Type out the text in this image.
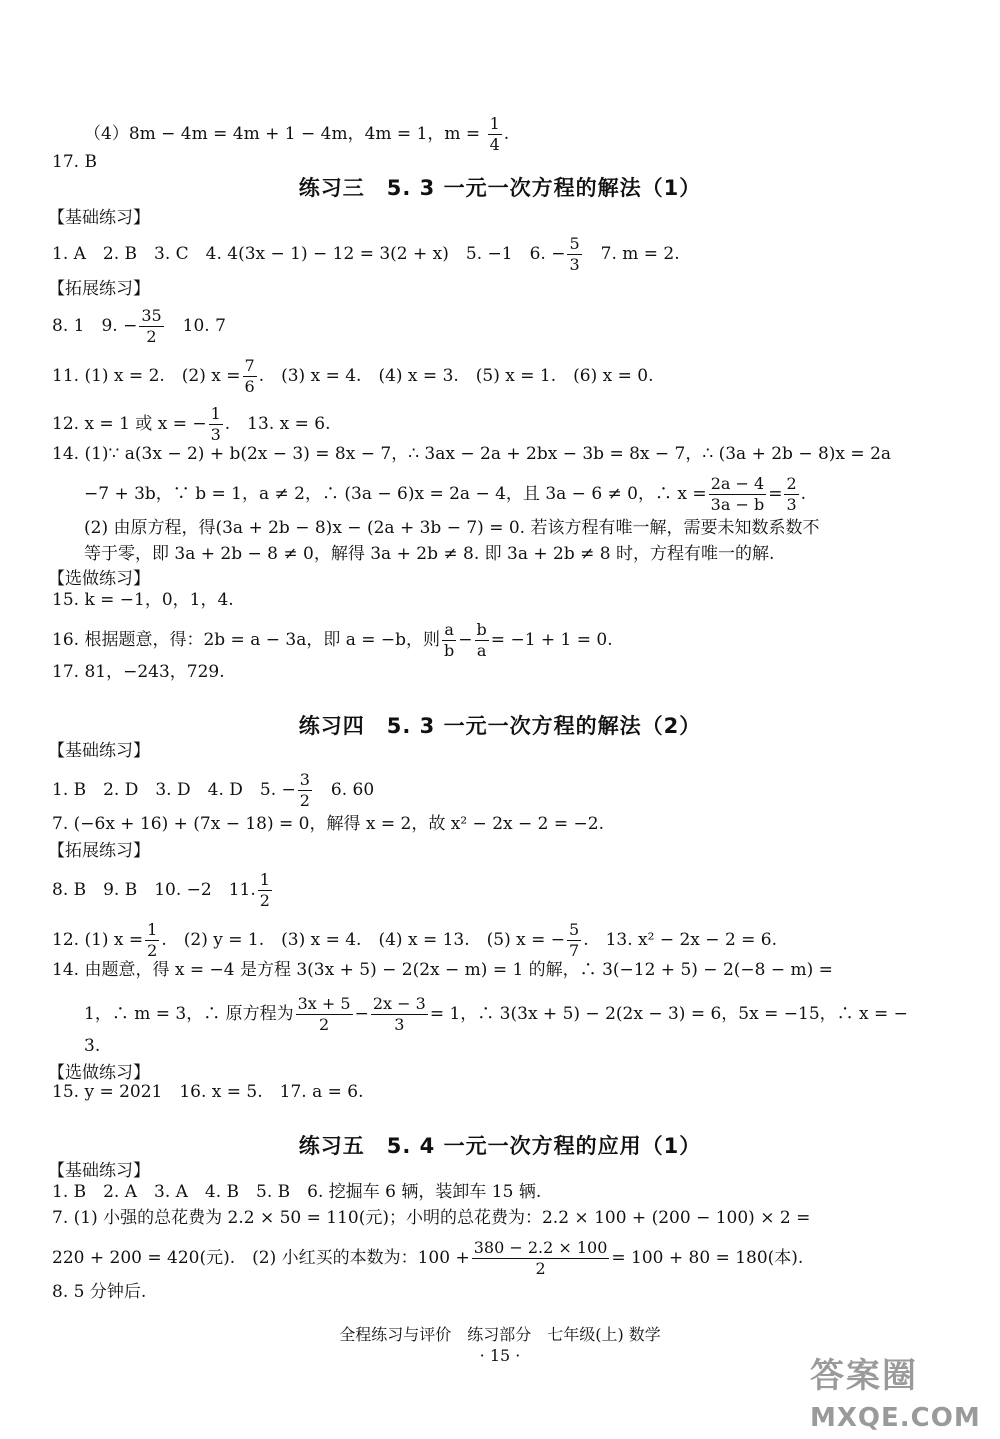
（4）8m − 4m = 4m + 1 − 4m，4m = 1，$m = \frac{1}{4}$ .
17. B
练习三　5. 3 一元一次方程的解法（1）
【基础练习】
1. A　2. B　3. C　4. 4(3x − 1) − 12 = 3(2 + x)　5. −1　6. − $\frac{5}{3}$ 　7. m = 2.
【拓展练习】
8. 1　9. − $\frac{35}{2}$ 　10. 7
11. (1) x = 2.　(2) $x = \frac{7}{6}$ .　(3) x = 4.　(4) x = 3.　(5) x = 1.　(6) x = 0.
12. x = 1 或 x = − $\frac{1}{3}$ .　13. x = 6.
14. (1)∵ a(3x − 2) + b(2x − 3) = 8x − 7，∴ 3ax − 2a + 2bx − 3b = 8x − 7，∴ (3a + 2b − 8)x = 2a
−7 + 3b，∵ b = 1，a ≠ 2，∴ (3a − 6)x = 2a − 4，且 3a − 6 ≠ 0，∴ $x = \frac{2a - 4}{3a - b} = \frac{2}{3}$ .
(2) 由原方程，得(3a + 2b − 8)x − (2a + 3b − 7) = 0. 若该方程有唯一解，需要未知数系数不
等于零，即 3a + 2b − 8 ≠ 0，解得 3a + 2b ≠ 8. 即 3a + 2b ≠ 8 时，方程有唯一的解.
【选做练习】
15. k = −1，0，1，4.
16. 根据题意，得：2b = a − 3a，即 a = −b，则 $\frac{a}{b} - \frac{b}{a} = -1 + 1 = 0$.
17. 81，−243，729.
练习四　5. 3 一元一次方程的解法（2）
【基础练习】
1. B　2. D　3. D　4. D　5. − $\frac{3}{2}$ 　6. 60
7. (−6x + 16) + (7x − 18) = 0，解得 x = 2，故 x² − 2x − 2 = −2.
【拓展练习】
8. B　9. B　10. −2　11. $\frac{1}{2}$
12. (1) $x = \frac{1}{2}$ .　(2) y = 1.　(3) x = 4.　(4) x = 13.　(5) x = − $\frac{5}{7}$ .　13. x² − 2x − 2 = 6.
14. 由题意，得 x = −4 是方程 3(3x + 5) − 2(2x − m) = 1 的解，∴ 3(−12 + 5) − 2(−8 − m) =
1，∴ m = 3，∴ 原方程为 $\frac{3x + 5}{2} - \frac{2x - 3}{3} = 1$，∴ 3(3x + 5) − 2(2x − 3) = 6，5x = −15，∴ x = −
3.
【选做练习】
15. y = 2021　16. x = 5.　17. a = 6.
练习五　5. 4 一元一次方程的应用（1）
【基础练习】
1. B　2. A　3. A　4. B　5. B　6. 挖掘车 6 辆，装卸车 15 辆.
7. (1) 小强的总花费为 2.2 × 50 = 110(元)；小明的总花费为：2.2 × 100 + (200 − 100) × 2 =
220 + 200 = 420(元).　(2) 小红买的本数为：$100 + \frac{380 - 2.2 \times 100}{2} = 100 + 80 = 180$(本).
8. 5 分钟后.
全程练习与评价　练习部分　七年级(上) 数学
· 15 ·
答案圈
MXQE.COM
